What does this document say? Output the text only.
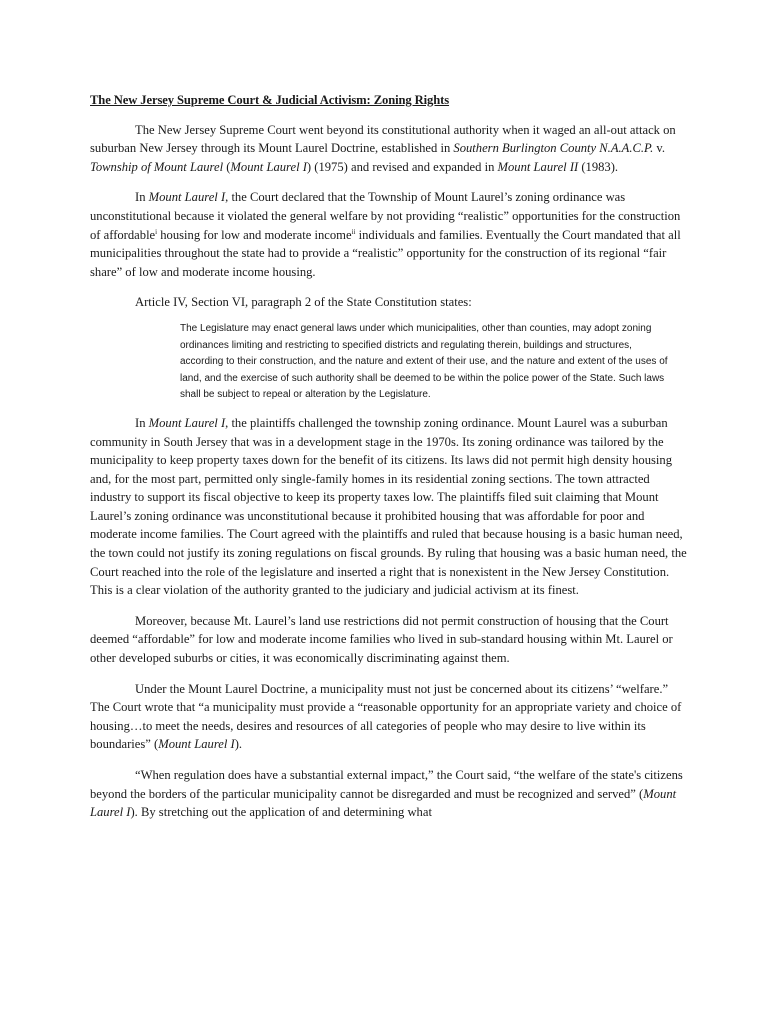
The New Jersey Supreme Court & Judicial Activism: Zoning Rights

The New Jersey Supreme Court went beyond its constitutional authority when it waged an all-out attack on suburban New Jersey through its Mount Laurel Doctrine, established in Southern Burlington County N.A.A.C.P. v. Township of Mount Laurel (Mount Laurel I) (1975) and revised and expanded in Mount Laurel II (1983).

In Mount Laurel I, the Court declared that the Township of Mount Laurel’s zoning ordinance was unconstitutional because it violated the general welfare by not providing “realistic” opportunities for the construction of affordable$^i$ housing for low and moderate income$^{ii}$ individuals and families. Eventually the Court mandated that all municipalities throughout the state had to provide a “realistic” opportunity for the construction of its regional “fair share” of low and moderate income housing.

Article IV, Section VI, paragraph 2 of the State Constitution states:

The Legislature may enact general laws under which municipalities, other than counties, may adopt zoning ordinances limiting and restricting to specified districts and regulating therein, buildings and structures, according to their construction, and the nature and extent of their use, and the nature and extent of the uses of land, and the exercise of such authority shall be deemed to be within the police power of the State. Such laws shall be subject to repeal or alteration by the Legislature.

In Mount Laurel I, the plaintiffs challenged the township zoning ordinance. Mount Laurel was a suburban community in South Jersey that was in a development stage in the 1970s. Its zoning ordinance was tailored by the municipality to keep property taxes down for the benefit of its citizens. Its laws did not permit high density housing and, for the most part, permitted only single-family homes in its residential zoning sections. The town attracted industry to support its fiscal objective to keep its property taxes low. The plaintiffs filed suit claiming that Mount Laurel’s zoning ordinance was unconstitutional because it prohibited housing that was affordable for poor and moderate income families. The Court agreed with the plaintiffs and ruled that because housing is a basic human need, the town could not justify its zoning regulations on fiscal grounds. By ruling that housing was a basic human need, the Court reached into the role of the legislature and inserted a right that is nonexistent in the New Jersey Constitution. This is a clear violation of the authority granted to the judiciary and judicial activism at its finest.

Moreover, because Mt. Laurel’s land use restrictions did not permit construction of housing that the Court deemed “affordable” for low and moderate income families who lived in sub-standard housing within Mt. Laurel or other developed suburbs or cities, it was economically discriminating against them.

Under the Mount Laurel Doctrine, a municipality must not just be concerned about its citizens’ “welfare.” The Court wrote that “a municipality must provide a “reasonable opportunity for an appropriate variety and choice of housing…to meet the needs, desires and resources of all categories of people who may desire to live within its boundaries” (Mount Laurel I).

“When regulation does have a substantial external impact,” the Court said, “the welfare of the state's citizens beyond the borders of the particular municipality cannot be disregarded and must be recognized and served” (Mount Laurel I). By stretching out the application of and determining what
